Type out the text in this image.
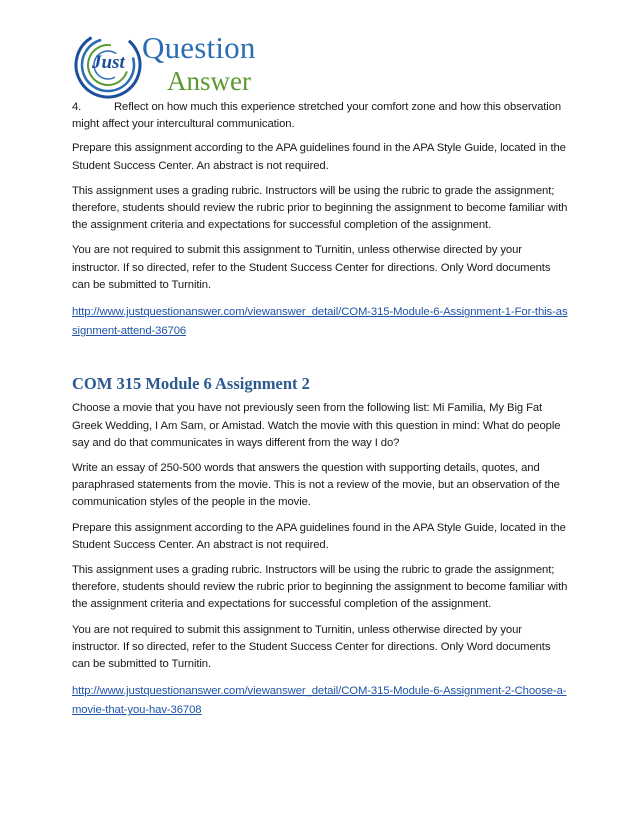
Just Question
Answer

4.	Reflect on how much this experience stretched your comfort zone and how this observation might affect your intercultural communication.

Prepare this assignment according to the APA guidelines found in the APA Style Guide, located in the Student Success Center. An abstract is not required.

This assignment uses a grading rubric. Instructors will be using the rubric to grade the assignment; therefore, students should review the rubric prior to beginning the assignment to become familiar with the assignment criteria and expectations for successful completion of the assignment.

You are not required to submit this assignment to Turnitin, unless otherwise directed by your instructor. If so directed, refer to the Student Success Center for directions. Only Word documents can be submitted to Turnitin.

http://www.justquestionanswer.com/viewanswer_detail/COM-315-Module-6-Assignment-1-For-this-assignment-attend-36706
COM 315 Module 6 Assignment 2

Choose a movie that you have not previously seen from the following list: Mi Familia, My Big Fat Greek Wedding, I Am Sam, or Amistad. Watch the movie with this question in mind: What do people say and do that communicates in ways different from the way I do?

Write an essay of 250-500 words that answers the question with supporting details, quotes, and paraphrased statements from the movie. This is not a review of the movie, but an observation of the communication styles of the people in the movie.

Prepare this assignment according to the APA guidelines found in the APA Style Guide, located in the Student Success Center. An abstract is not required.

This assignment uses a grading rubric. Instructors will be using the rubric to grade the assignment; therefore, students should review the rubric prior to beginning the assignment to become familiar with the assignment criteria and expectations for successful completion of the assignment.

You are not required to submit this assignment to Turnitin, unless otherwise directed by your instructor. If so directed, refer to the Student Success Center for directions. Only Word documents can be submitted to Turnitin.

http://www.justquestionanswer.com/viewanswer_detail/COM-315-Module-6-Assignment-2-Choose-a-movie-that-you-hav-36708
